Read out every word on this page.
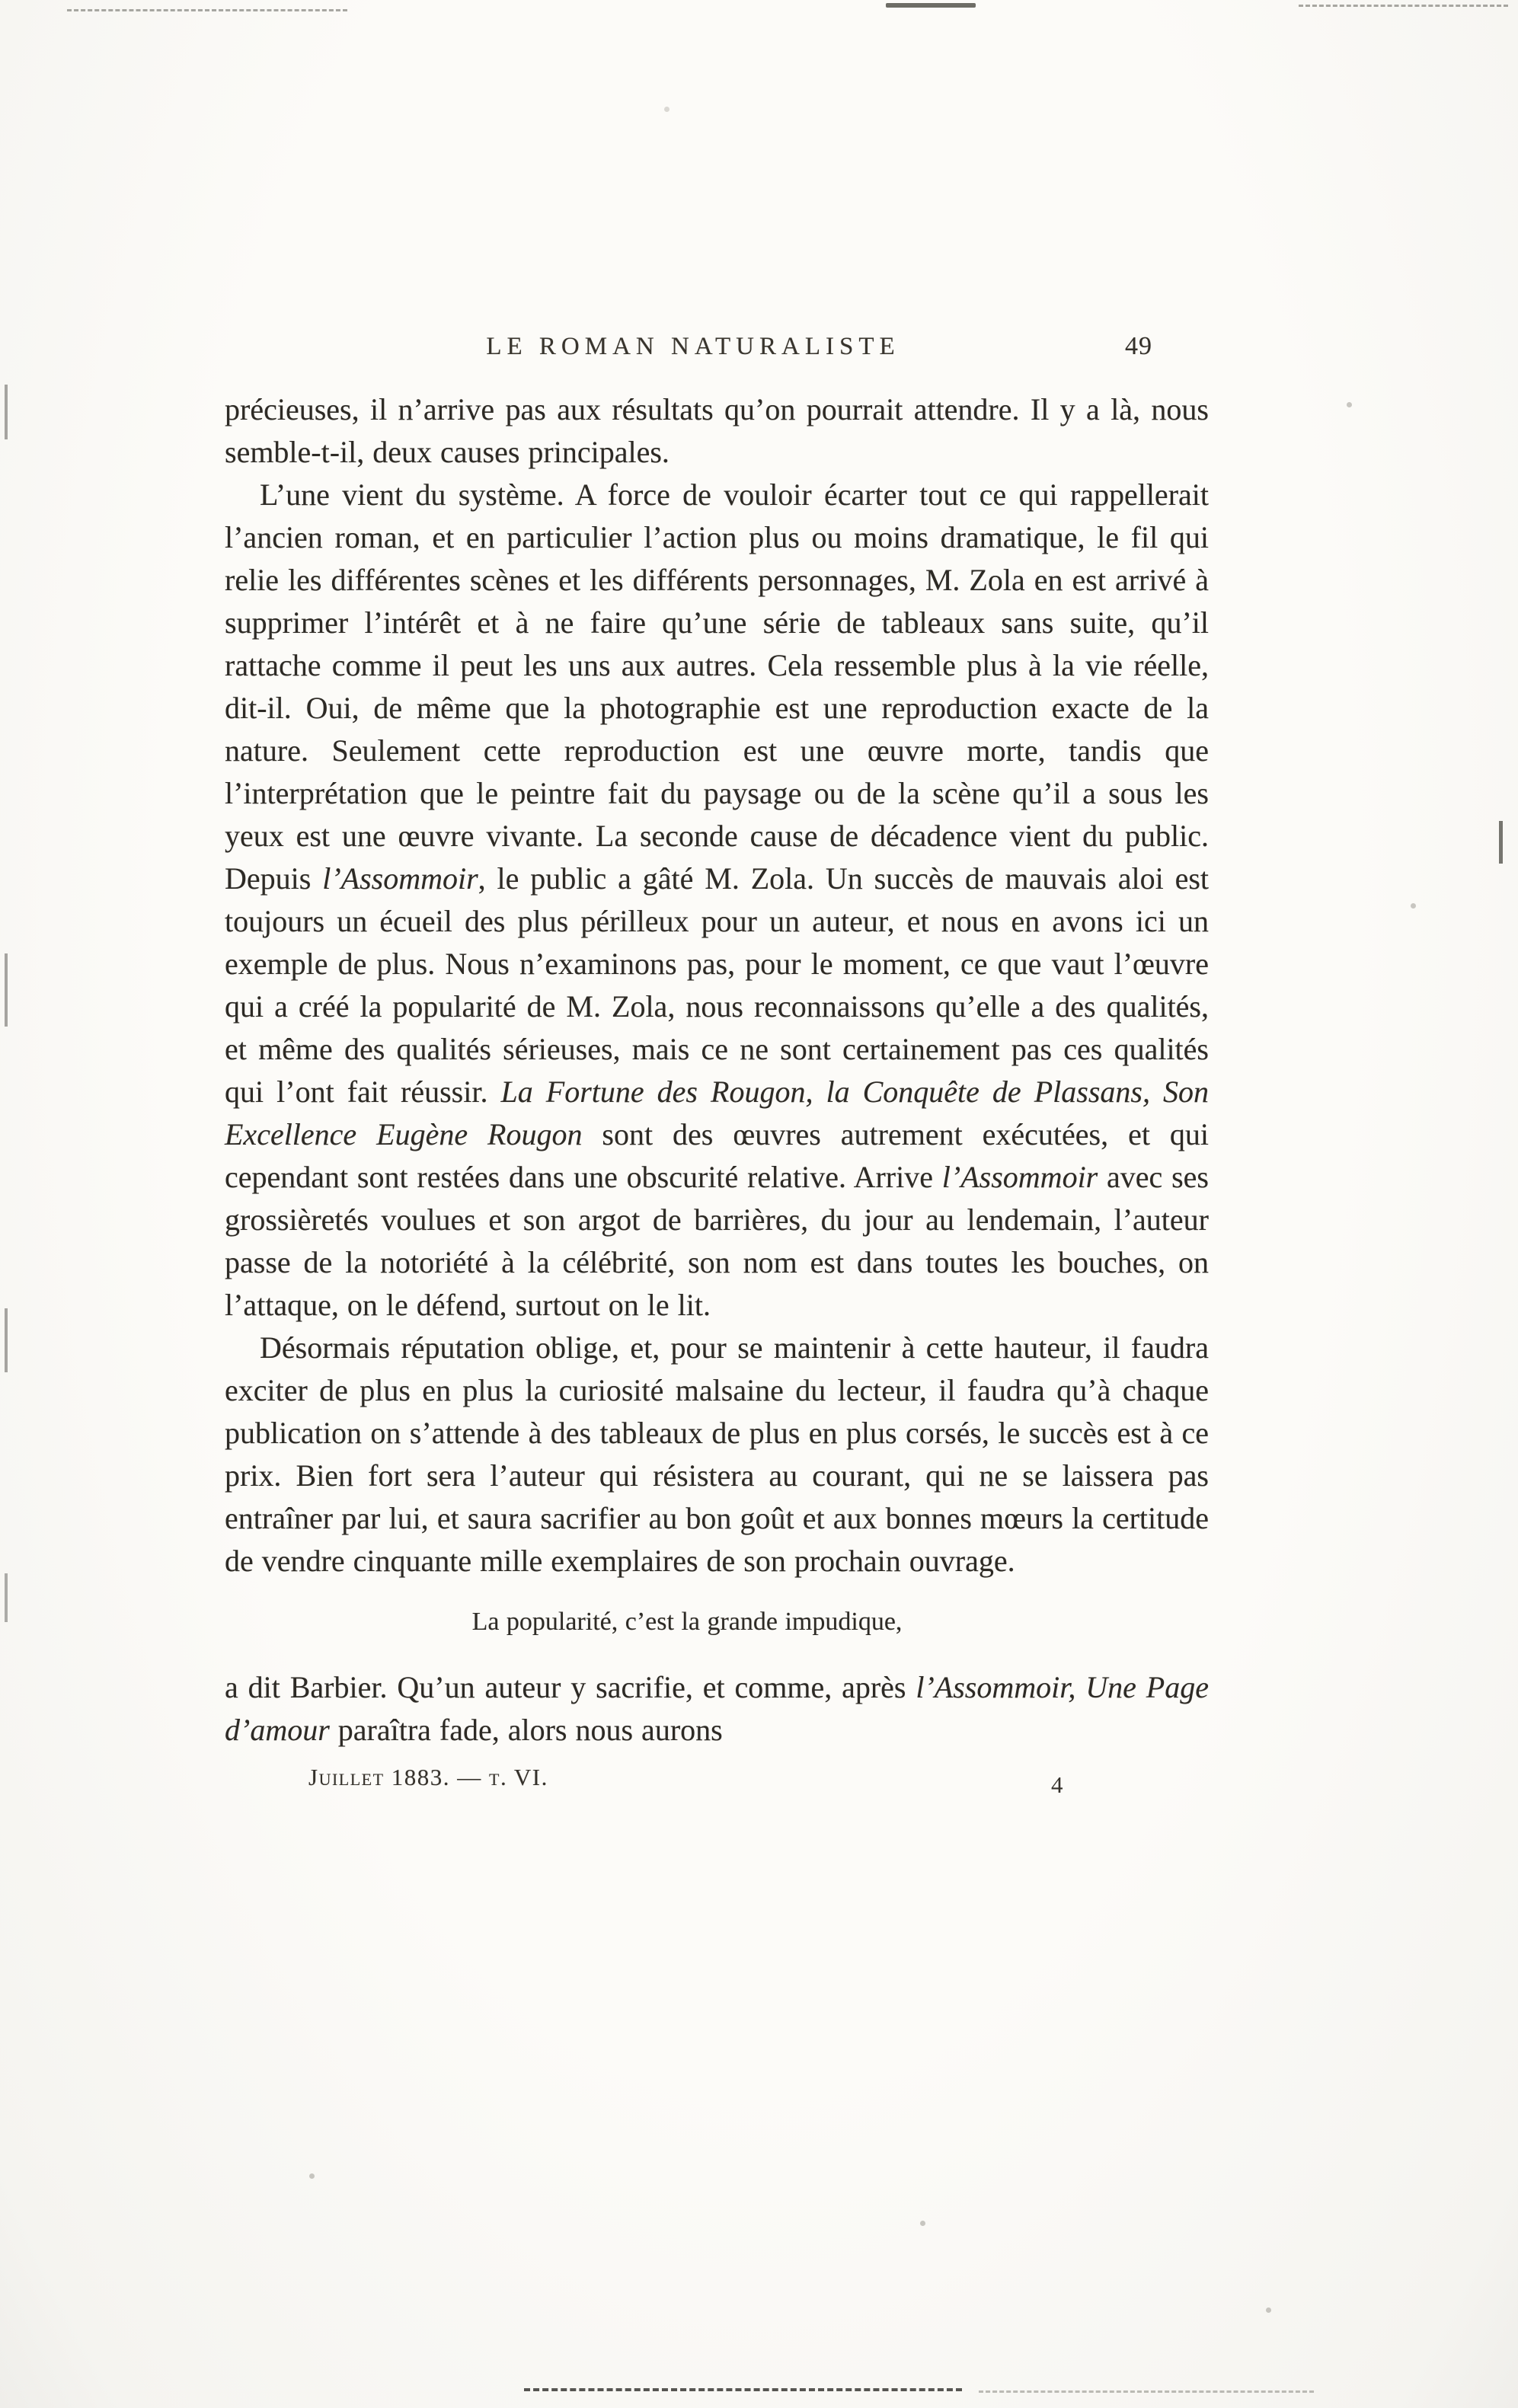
LE ROMAN NATURALISTE	49

précieuses, il n’arrive pas aux résultats qu’on pourrait attendre. Il y a là, nous semble-t-il, deux causes principales.

L’une vient du système. A force de vouloir écarter tout ce qui rappellerait l’ancien roman, et en particulier l’action plus ou moins dramatique, le fil qui relie les différentes scènes et les différents personnages, M. Zola en est arrivé à supprimer l’intérêt et à ne faire qu’une série de tableaux sans suite, qu’il rattache comme il peut les uns aux autres. Cela ressemble plus à la vie réelle, dit-il. Oui, de même que la photographie est une reproduction exacte de la nature. Seulement cette reproduction est une œuvre morte, tandis que l’interprétation que le peintre fait du paysage ou de la scène qu’il a sous les yeux est une œuvre vivante. La seconde cause de décadence vient du public. Depuis l’Assommoir, le public a gâté M. Zola. Un succès de mauvais aloi est toujours un écueil des plus périlleux pour un auteur, et nous en avons ici un exemple de plus. Nous n’examinons pas, pour le moment, ce que vaut l’œuvre qui a créé la popularité de M. Zola, nous reconnaissons qu’elle a des qualités, et même des qualités sérieuses, mais ce ne sont certainement pas ces qualités qui l’ont fait réussir. La Fortune des Rougon, la Conquête de Plassans, Son Excellence Eugène Rougon sont des œuvres autrement exécutées, et qui cependant sont restées dans une obscurité relative. Arrive l’Assommoir avec ses grossièretés voulues et son argot de barrières, du jour au lendemain, l’auteur passe de la notoriété à la célébrité, son nom est dans toutes les bouches, on l’attaque, on le défend, surtout on le lit.

Désormais réputation oblige, et, pour se maintenir à cette hauteur, il faudra exciter de plus en plus la curiosité malsaine du lecteur, il faudra qu’à chaque publication on s’attende à des tableaux de plus en plus corsés, le succès est à ce prix. Bien fort sera l’auteur qui résistera au courant, qui ne se laissera pas entraîner par lui, et saura sacrifier au bon goût et aux bonnes mœurs la certitude de vendre cinquante mille exemplaires de son prochain ouvrage.

La popularité, c’est la grande impudique,

a dit Barbier. Qu’un auteur y sacrifie, et comme, après l’Assommoir, Une Page d’amour paraîtra fade, alors nous aurons

Juillet 1883. — t. VI.	4
